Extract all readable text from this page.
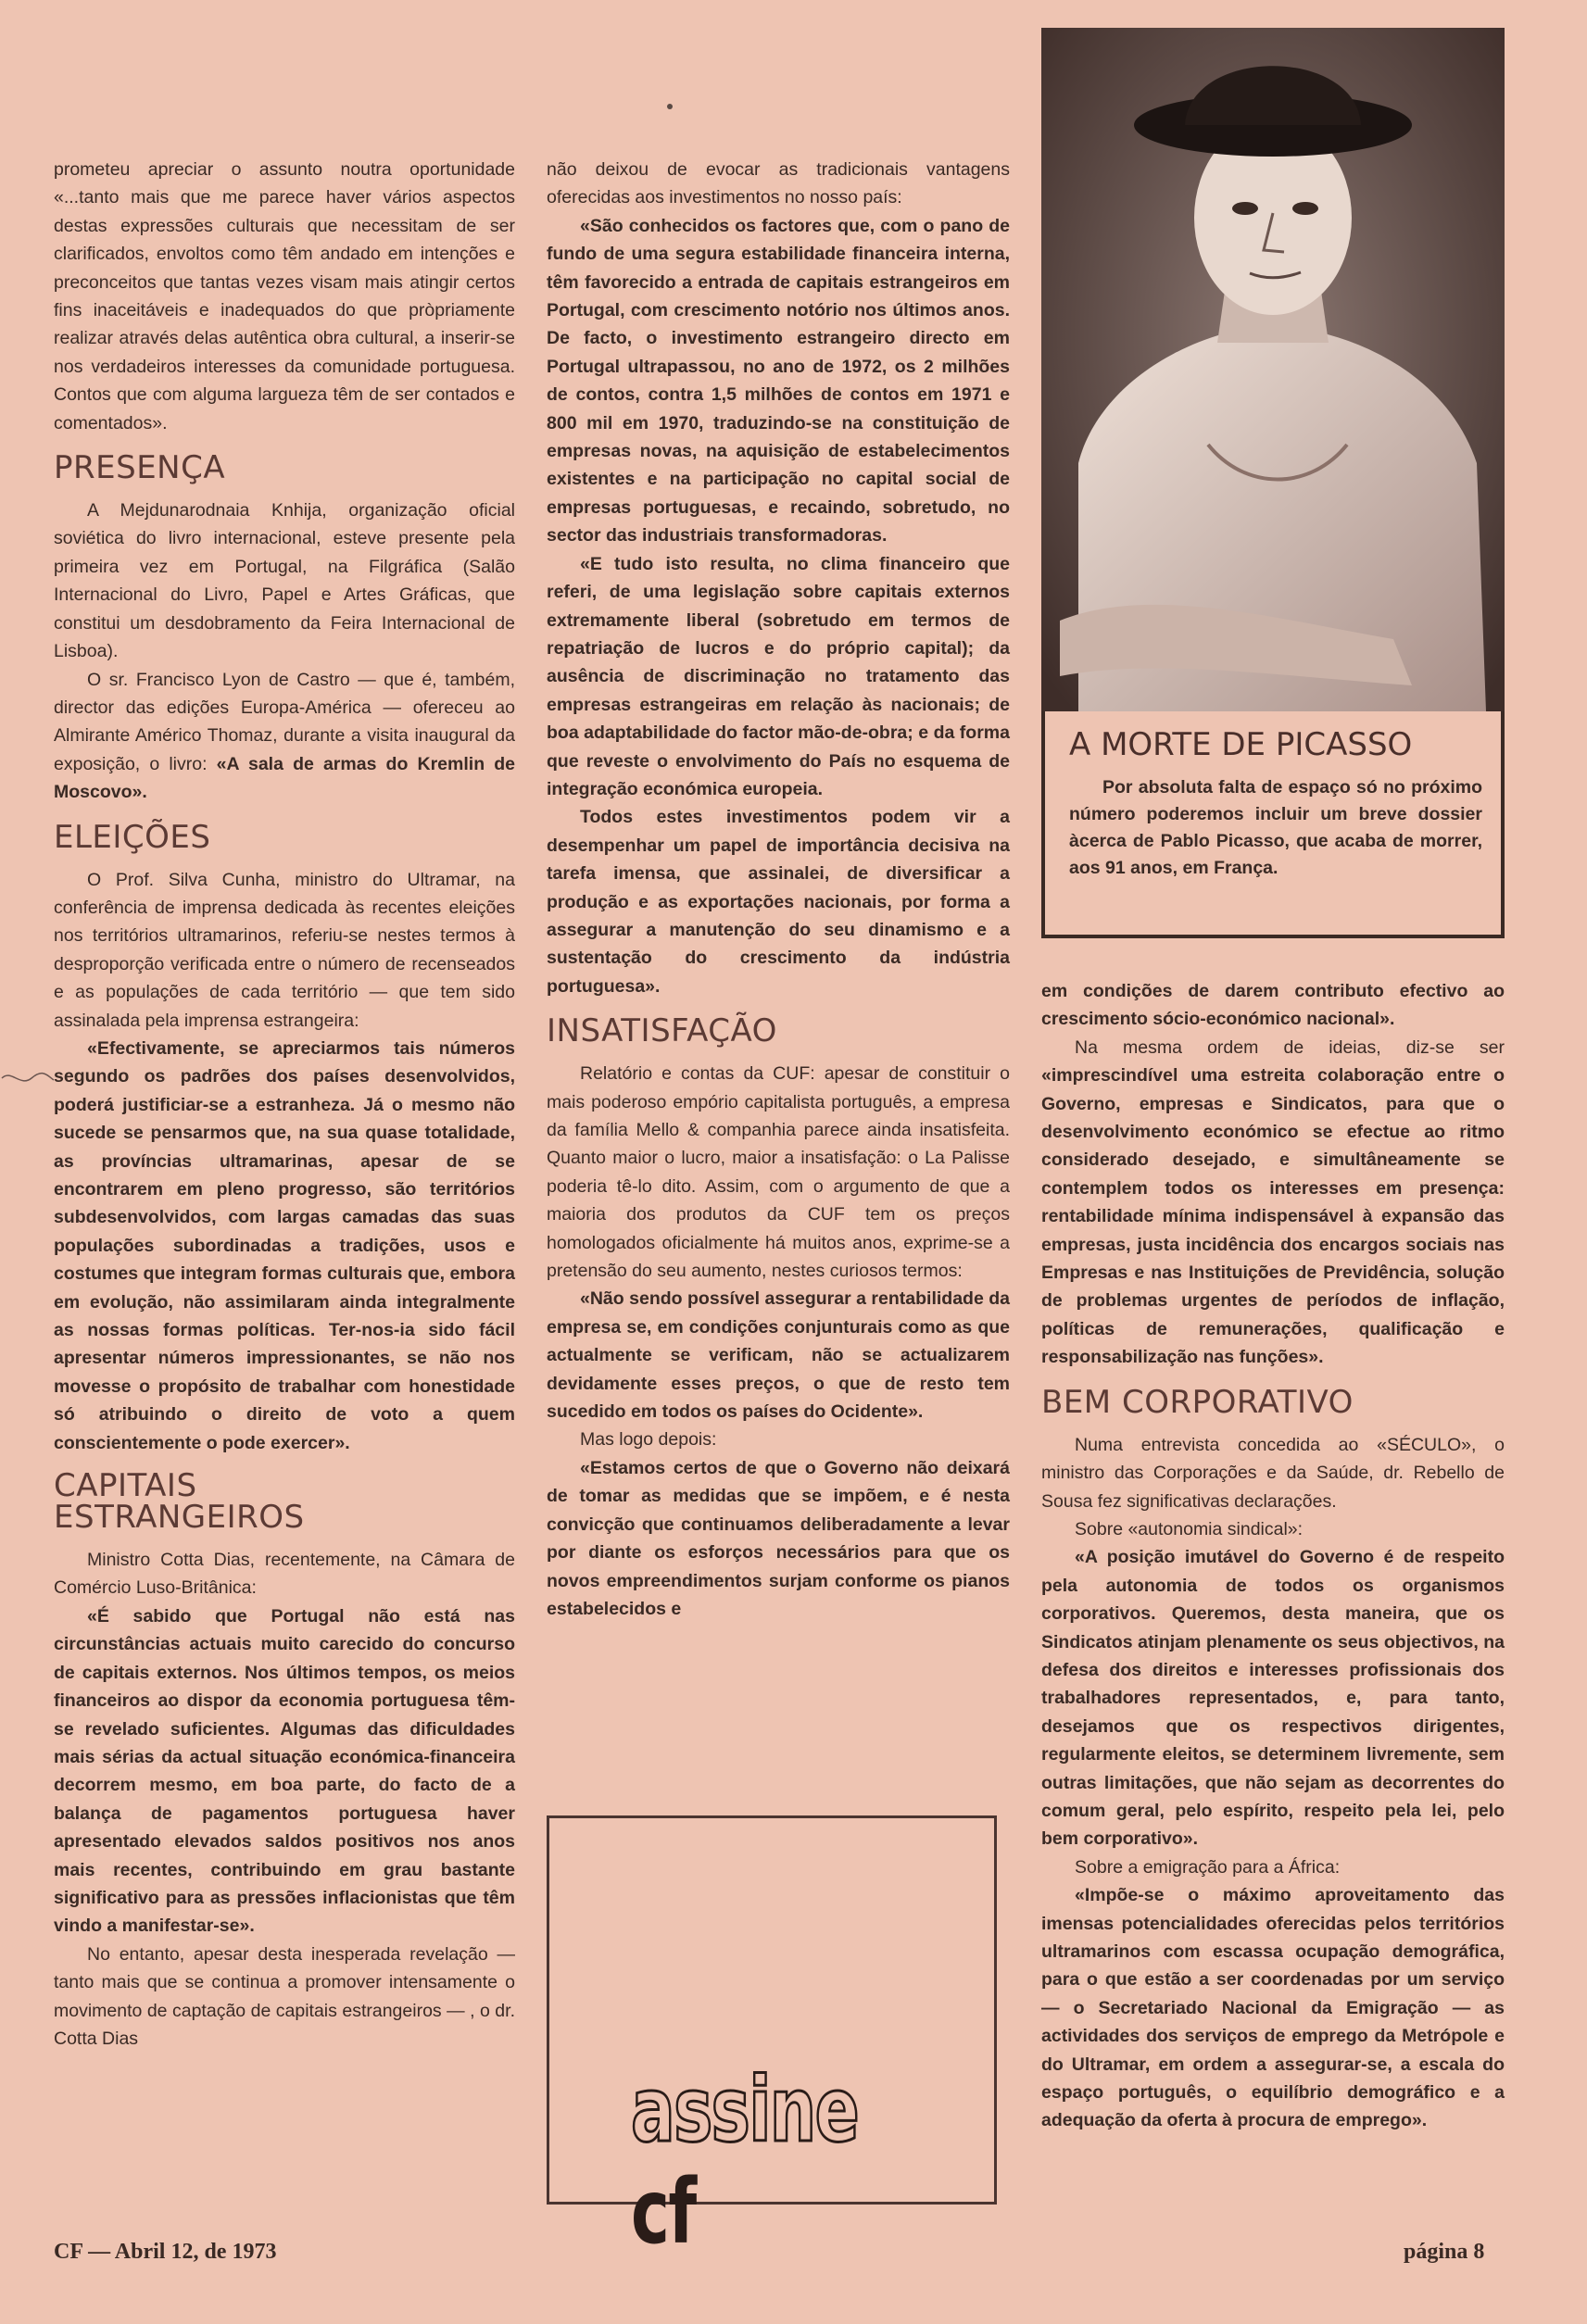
prometeu apreciar o assunto noutra oportunidade «...tanto mais que me parece haver vários aspectos destas expressões culturais que necessitam de ser clarificados, envoltos como têm andado em intenções e preconceitos que tantas vezes visam mais atingir certos fins inaceitáveis e inadequados do que pròpriamente realizar através delas autêntica obra cultural, a inserir-se nos verdadeiros interesses da comunidade portuguesa. Contos que com alguma largueza têm de ser contados e comentados».

PRESENÇA

A Mejdunarodnaia Knhija, organização oficial soviética do livro internacional, esteve presente pela primeira vez em Portugal, na Filgráfica (Salão Internacional do Livro, Papel e Artes Gráficas, que constitui um desdobramento da Feira Internacional de Lisboa).

O sr. Francisco Lyon de Castro — que é, também, director das edições Europa-América — ofereceu ao Almirante Américo Thomaz, durante a visita inaugural da exposição, o livro: «A sala de armas do Kremlin de Moscovo».

ELEIÇÕES

O Prof. Silva Cunha, ministro do Ultramar, na conferência de imprensa dedicada às recentes eleições nos territórios ultramarinos, referiu-se nestes termos à desproporção verificada entre o número de recenseados e as populações de cada território — que tem sido assinalada pela imprensa estrangeira:

«Efectivamente, se apreciarmos tais números segundo os padrões dos países desenvolvidos, poderá justificiar-se a estranheza. Já o mesmo não sucede se pensarmos que, na sua quase totalidade, as províncias ultramarinas, apesar de se encontrarem em pleno progresso, são territórios subdesenvolvidos, com largas camadas das suas populações subordinadas a tradições, usos e costumes que integram formas culturais que, embora em evolução, não assimilaram ainda integralmente as nossas formas políticas. Ter-nos-ia sido fácil apresentar números impressionantes, se não nos movesse o propósito de trabalhar com honestidade só atribuindo o direito de voto a quem conscientemente o pode exercer».

CAPITAIS
ESTRANGEIROS

Ministro Cotta Dias, recentemente, na Câmara de Comércio Luso-Britânica:

«É sabido que Portugal não está nas circunstâncias actuais muito carecido do concurso de capitais externos. Nos últimos tempos, os meios financeiros ao dispor da economia portuguesa têm-se revelado suficientes. Algumas das dificuldades mais sérias da actual situação económica-financeira decorrem mesmo, em boa parte, do facto de a balança de pagamentos portuguesa haver apresentado elevados saldos positivos nos anos mais recentes, contribuindo em grau bastante significativo para as pressões inflacionistas que têm vindo a manifestar-se».

No entanto, apesar desta inesperada revelação — tanto mais que se continua a promover intensamente o movimento de captação de capitais estrangeiros — , o dr. Cotta Dias

não deixou de evocar as tradicionais vantagens oferecidas aos investimentos no nosso país:

«São conhecidos os factores que, com o pano de fundo de uma segura estabilidade financeira interna, têm favorecido a entrada de capitais estrangeiros em Portugal, com crescimento notório nos últimos anos. De facto, o investimento estrangeiro directo em Portugal ultrapassou, no ano de 1972, os 2 milhões de contos, contra 1,5 milhões de contos em 1971 e 800 mil em 1970, traduzindo-se na constituição de empresas novas, na aquisição de estabelecimentos existentes e na participação no capital social de empresas portuguesas, e recaindo, sobretudo, no sector das industriais transformadoras.

«E tudo isto resulta, no clima financeiro que referi, de uma legislação sobre capitais externos extremamente liberal (sobretudo em termos de repatriação de lucros e do próprio capital); da ausência de discriminação no tratamento das empresas estrangeiras em relação às nacionais; de boa adaptabilidade do factor mão-de-obra; e da forma que reveste o envolvimento do País no esquema de integração económica europeia.

Todos estes investimentos podem vir a desempenhar um papel de importância decisiva na tarefa imensa, que assinalei, de diversificar a produção e as exportações nacionais, por forma a assegurar a manutenção do seu dinamismo e a sustentação do crescimento da indústria portuguesa».

INSATISFAÇÃO

Relatório e contas da CUF: apesar de constituir o mais poderoso empório capitalista português, a empresa da família Mello & companhia parece ainda insatisfeita. Quanto maior o lucro, maior a insatisfação: o La Palisse poderia tê-lo dito. Assim, com o argumento de que a maioria dos produtos da CUF tem os preços homologados oficialmente há muitos anos, exprime-se a pretensão do seu aumento, nestes curiosos termos:

«Não sendo possível assegurar a rentabilidade da empresa se, em condições conjunturais como as que actualmente se verificam, não se actualizarem devidamente esses preços, o que de resto tem sucedido em todos os países do Ocidente».

Mas logo depois:

«Estamos certos de que o Governo não deixará de tomar as medidas que se impõem, e é nesta convicção que continuamos deliberadamente a levar por diante os esforços necessários para que os novos empreendimentos surjam conforme os pianos estabelecidos e

assine cf
A MORTE DE PICASSO

Por absoluta falta de espaço só no próximo número poderemos incluir um breve dossier àcerca de Pablo Picasso, que acaba de morrer, aos 91 anos, em França.

em condições de darem contributo efectivo ao crescimento sócio-económico nacional».

Na mesma ordem de ideias, diz-se ser «imprescindível uma estreita colaboração entre o Governo, empresas e Sindicatos, para que o desenvolvimento económico se efectue ao ritmo considerado desejado, e simultâneamente se contemplem todos os interesses em presença: rentabilidade mínima indispensável à expansão das empresas, justa incidência dos encargos sociais nas Empresas e nas Instituições de Previdência, solução de problemas urgentes de períodos de inflação, políticas de remunerações, qualificação e responsabilização nas funções».

BEM CORPORATIVO

Numa entrevista concedida ao «SÉCULO», o ministro das Corporações e da Saúde, dr. Rebello de Sousa fez significativas declarações.

Sobre «autonomia sindical»:

«A posição imutável do Governo é de respeito pela autonomia de todos os organismos corporativos. Queremos, desta maneira, que os Sindicatos atinjam plenamente os seus objectivos, na defesa dos direitos e interesses profissionais dos trabalhadores representados, e, para tanto, desejamos que os respectivos dirigentes, regularmente eleitos, se determinem livremente, sem outras limitações, que não sejam as decorrentes do comum geral, pelo espírito, respeito pela lei, pelo bem corporativo».

Sobre a emigração para a África:

«Impõe-se o máximo aproveitamento das imensas potencialidades oferecidas pelos territórios ultramarinos com escassa ocupação demográfica, para o que estão a ser coordenadas por um serviço — o Secretariado Nacional da Emigração — as actividades dos serviços de emprego da Metrópole e do Ultramar, em ordem a assegurar-se, a escala do espaço português, o equilíbrio demográfico e a adequação da oferta à procura de emprego».

CF — Abril 12, de 1973	página 8
